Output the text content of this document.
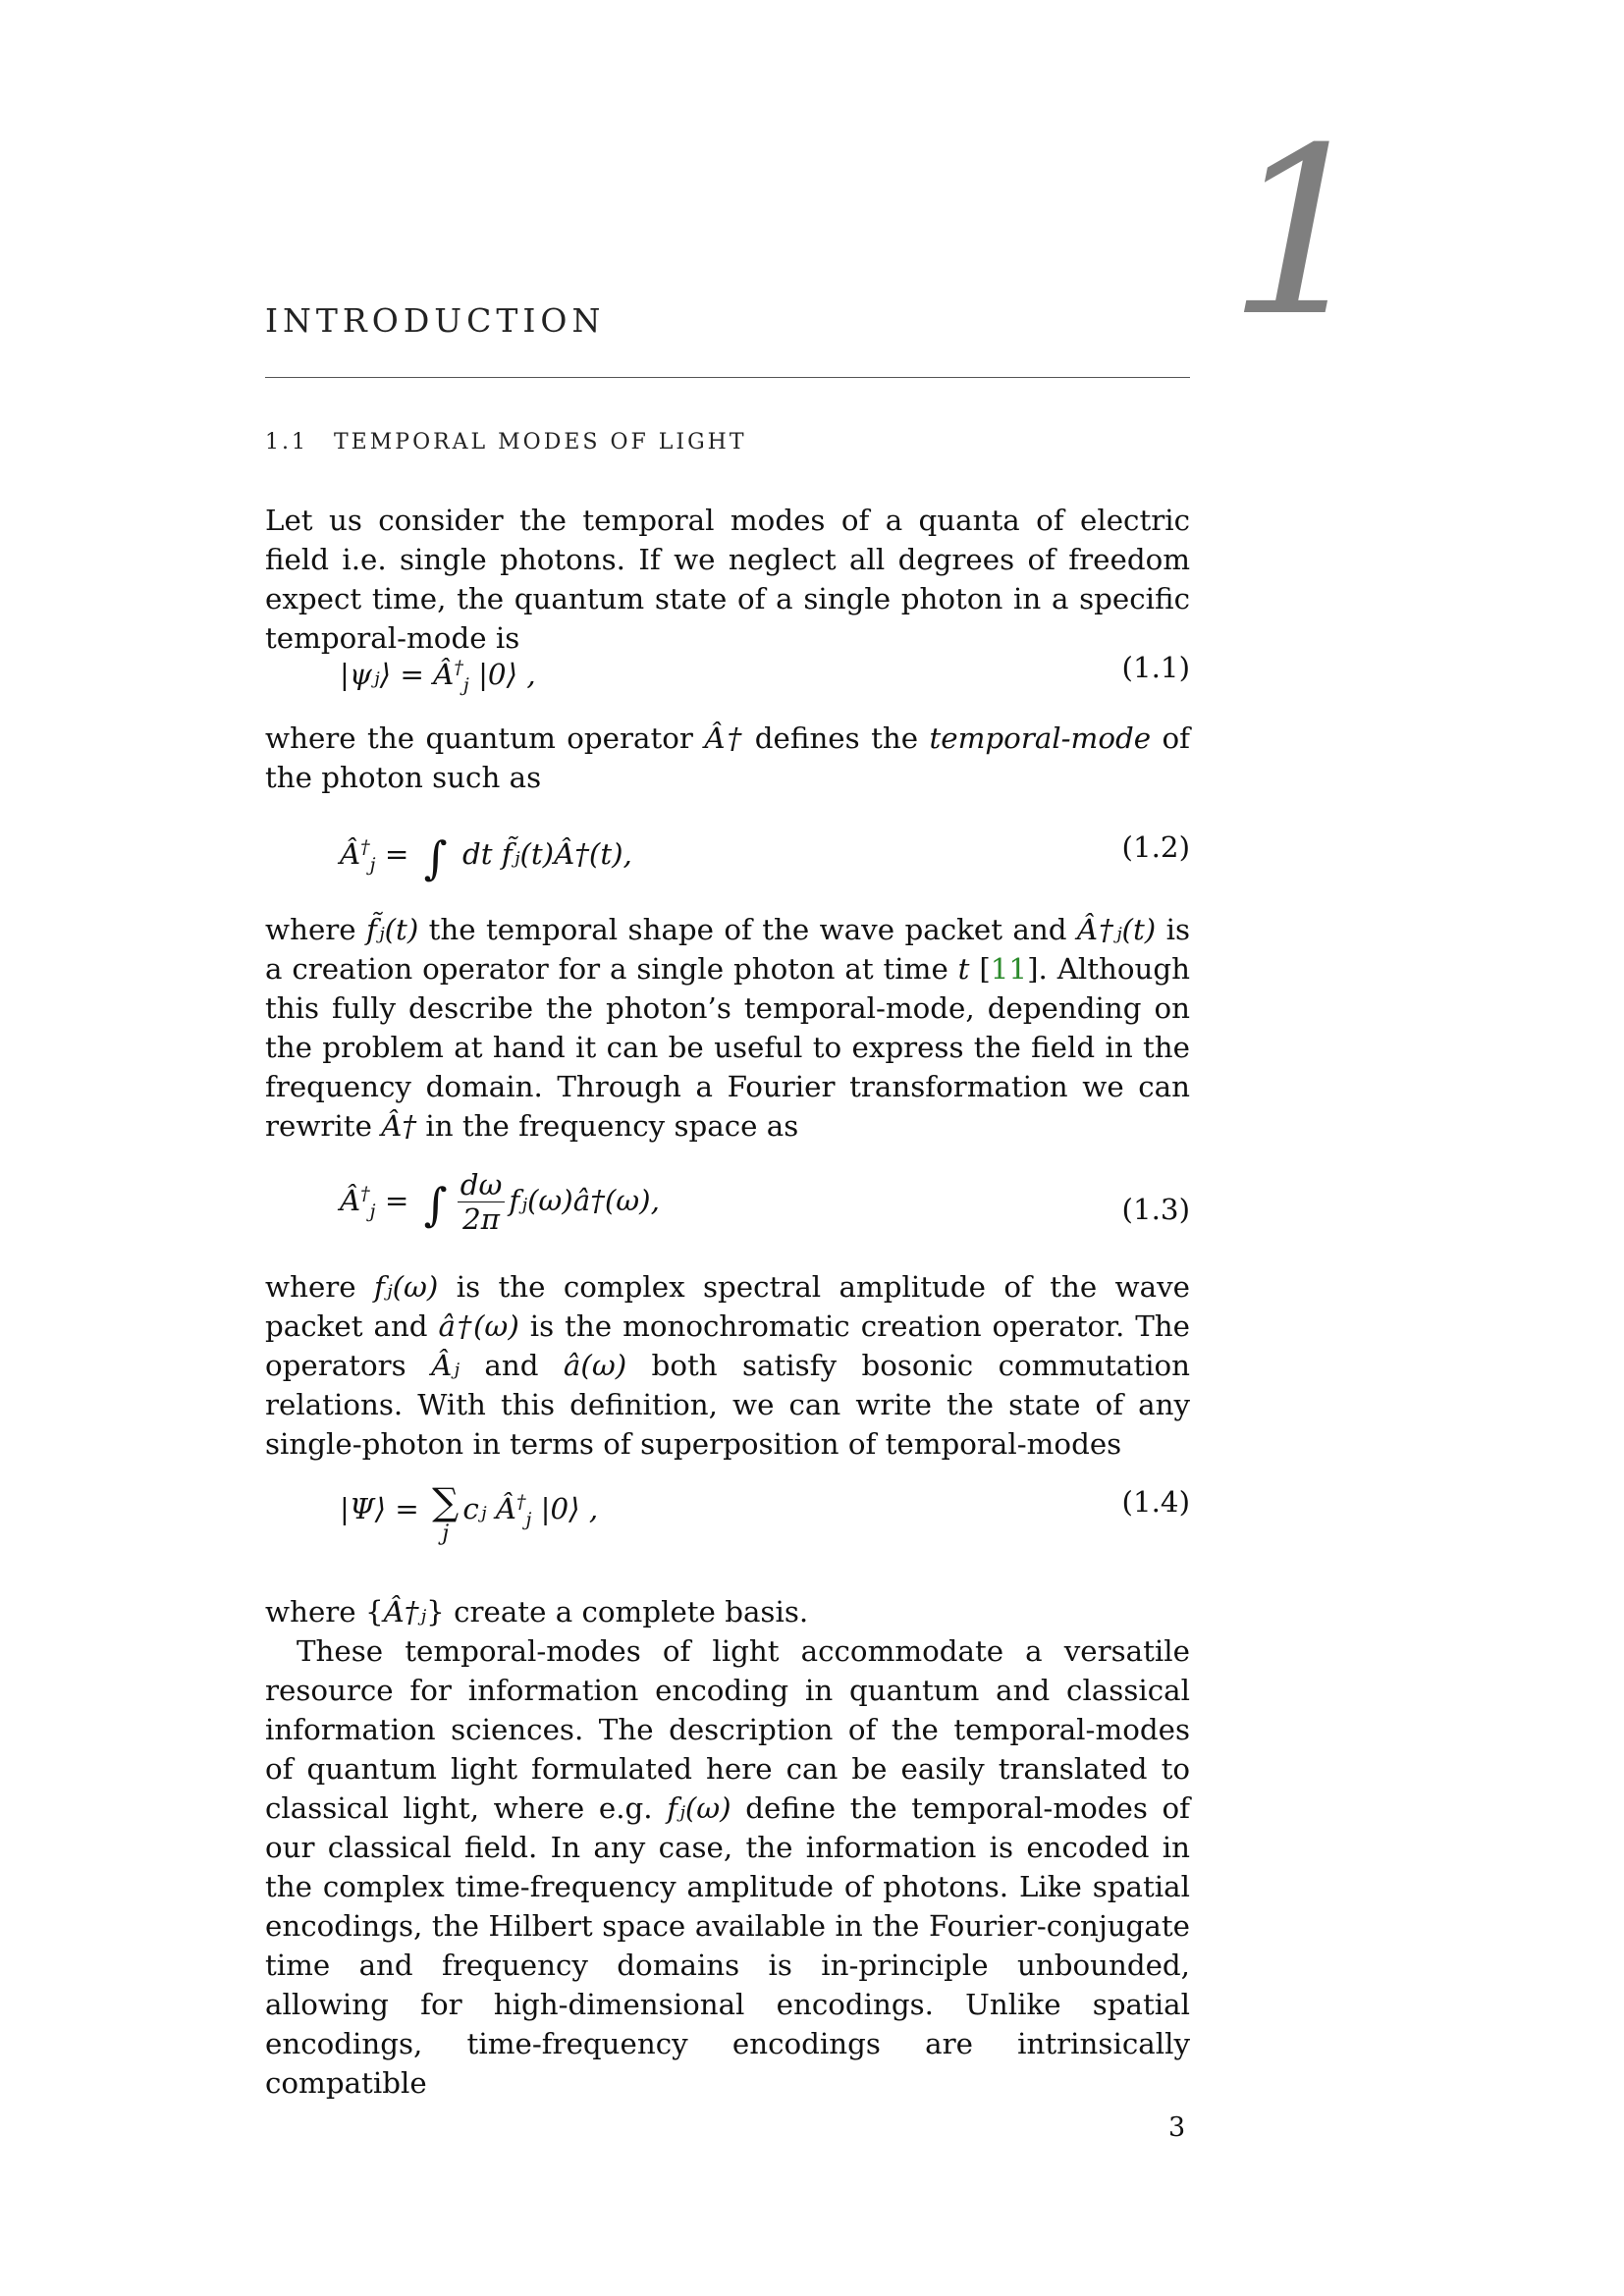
1
INTRODUCTION
1.1 TEMPORAL MODES OF LIGHT
Let us consider the temporal modes of a quanta of electric field i.e. single photons. If we neglect all degrees of freedom expect time, the quantum state of a single photon in a specific temporal-mode is
|ψⱼ⟩ = $Â^\dagger_j$ |0⟩ ,	(1.1)
where the quantum operator Â† defines the temporal-mode of the photon such as
$Â^\dagger_j$ = ∫ dt f̃ⱼ(t)Â†(t),	(1.2)
where f̃ⱼ(t) the temporal shape of the wave packet and Â†ⱼ(t) is a creation operator for a single photon at time t [11]. Although this fully describe the photon’s temporal-mode, depending on the problem at hand it can be useful to express the field in the frequency domain. Through a Fourier transformation we can rewrite Â† in the frequency space as
$Â^\dagger_j$ = ∫ $\frac{d\omega}{2\pi}$ fⱼ(ω)â†(ω),	(1.3)
where fⱼ(ω) is the complex spectral amplitude of the wave packet and â†(ω) is the monochromatic creation operator. The operators Âⱼ and â(ω) both satisfy bosonic commutation relations. With this definition, we can write the state of any single-photon in terms of superposition of temporal-modes
|Ψ⟩ = ∑
j
cⱼ $Â^\dagger_j$ |0⟩ ,	(1.4)
where {Â†ⱼ} create a complete basis.
These temporal-modes of light accommodate a versatile resource for information encoding in quantum and classical information sciences. The description of the temporal-modes of quantum light formulated here can be easily translated to classical light, where e.g. fⱼ(ω) define the temporal-modes of our classical field. In any case, the information is encoded in the complex time-frequency amplitude of photons. Like spatial encodings, the Hilbert space available in the Fourier-conjugate time and frequency domains is in-principle unbounded, allowing for high-dimensional encodings. Unlike spatial encodings, time-frequency encodings are intrinsically compatible
3
